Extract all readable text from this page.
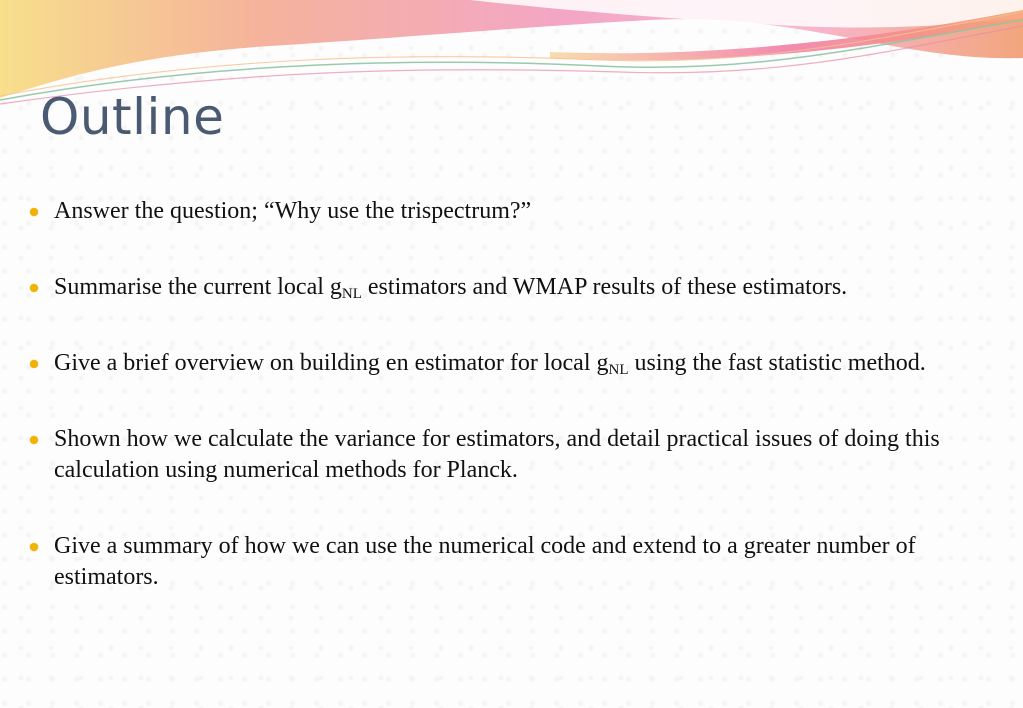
Outline
Answer the question; “Why use the trispectrum?”
Summarise the current local $g_{NL}$ estimators and WMAP results of these estimators.
Give a brief overview on building en estimator for local $g_{NL}$ using the fast statistic method.
Shown how we calculate the variance for estimators, and detail practical issues of doing this calculation using numerical methods for Planck.
Give a summary of how we can use the numerical code and extend to a greater number of estimators.
